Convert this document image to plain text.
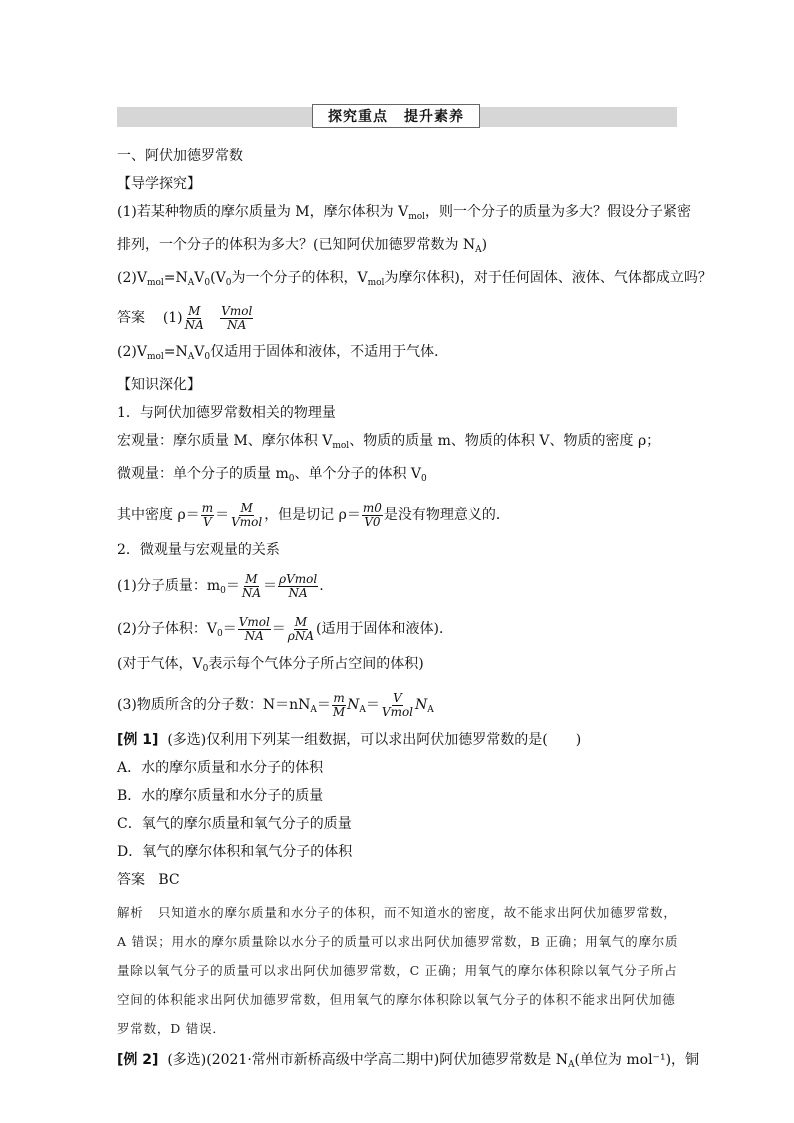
探究重点 提升素养
一、阿伏加德罗常数
【导学探究】
(1)若某种物质的摩尔质量为 M，摩尔体积为 $V_{mol}$，则一个分子的质量为多大？假设分子紧密
排列，一个分子的体积为多大？(已知阿伏加德罗常数为 $N_A$)
$(2)V_{mol}=N_AV_0(V_0$为一个分子的体积，$V_{mol}$为摩尔体积)，对于任何固体、液体、气体都成立吗？
答案 $(1) \frac{M}{NA}$
$\frac{\text{Vmol}}{NA}$
$(2)V_{mol}=N_AV_0$仅适用于固体和液体，不适用于气体．
【知识深化】
1．与阿伏加德罗常数相关的物理量
宏观量：摩尔质量 M、摩尔体积 $V_{mol}$、物质的质量 m、物质的体积 V、物质的密度 ρ；
微观量：单个分子的质量 $m_0$、单个分子的体积 $V_0$
其中密度 $\rho= \frac{m}{V} = \frac{M}{\text{Vmol}}$ ，但是切记 $\rho= \frac{m0}{V0}$ 是没有物理意义的．
2．微观量与宏观量的关系
(1)分子质量：$m_0= \frac{M}{NA} = \frac{\text{ρVmol}}{NA}$ .
(2)分子体积：$V_0= \frac{\text{Vmol}}{NA} = \frac{M}{\text{ρNA}}$ (适用于固体和液体)．
(对于气体，$V_0$表示每个气体分子所占空间的体积)
(3)物质所含的分子数：$N=nN_A= \frac{m}{M} N_A= \frac{V}{\text{Vmol}} N_A$
[例 1] (多选)仅利用下列某一组数据，可以求出阿伏加德罗常数的是(　　)
A．水的摩尔质量和水分子的体积
B．水的摩尔质量和水分子的质量
C．氧气的摩尔质量和氧气分子的质量
D．氧气的摩尔体积和氧气分子的体积
答案 BC
解析 只知道水的摩尔质量和水分子的体积，而不知道水的密度，故不能求出阿伏加德罗常数，A 错误；用水的摩尔质量除以水分子的质量可以求出阿伏加德罗常数，B 正确；用氧气的摩尔质量除以氧气分子的质量可以求出阿伏加德罗常数，C 正确；用氧气的摩尔体积除以氧气分子所占空间的体积能求出阿伏加德罗常数，但用氧气的摩尔体积除以氧气分子的体积不能求出阿伏加德罗常数，D 错误．
[例 2] (多选)(2021·常州市新桥高级中学高二期中)阿伏加德罗常数是 $N_A$(单位为 mol⁻¹)，铜
